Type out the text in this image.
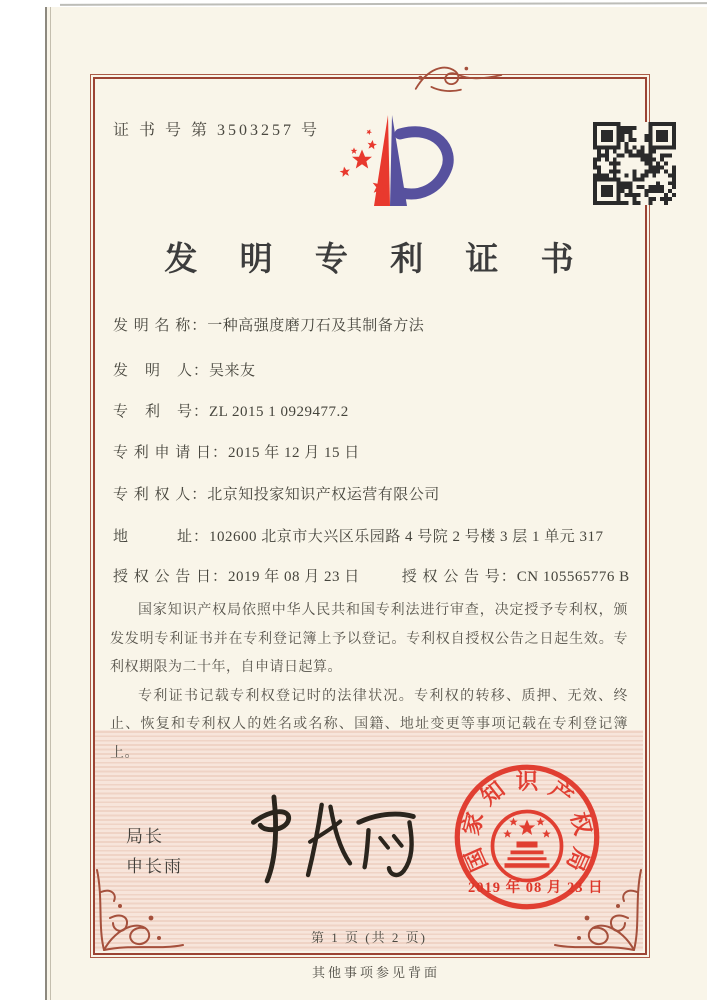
证 书 号 第 3503257 号
发 明 专 利 证 书
发 明 名 称：一种高强度磨刀石及其制备方法
发　明　人：吴来友
专　利　号：ZL 2015 1 0929477.2
专 利 申 请 日：2015 年 12 月 15 日
专 利 权 人：北京知投家知识产权运营有限公司
地　　　址：102600 北京市大兴区乐园路 4 号院 2 号楼 3 层 1 单元 317
授 权 公 告 日：2019 年 08 月 23 日	授 权 公 告 号：CN 105565776 B

国家知识产权局依照中华人民共和国专利法进行审查，决定授予专利权，颁发发明专利证书并在专利登记簿上予以登记。专利权自授权公告之日起生效。专利权期限为二十年，自申请日起算。

专利证书记载专利权登记时的法律状况。专利权的转移、质押、无效、终止、恢复和专利权人的姓名或名称、国籍、地址变更等事项记载在专利登记簿上。

局长
申长雨	国
家
知 识 产
权
局
2019 年 08 月 23 日
第 1 页 (共 2 页)
其他事项参见背面
